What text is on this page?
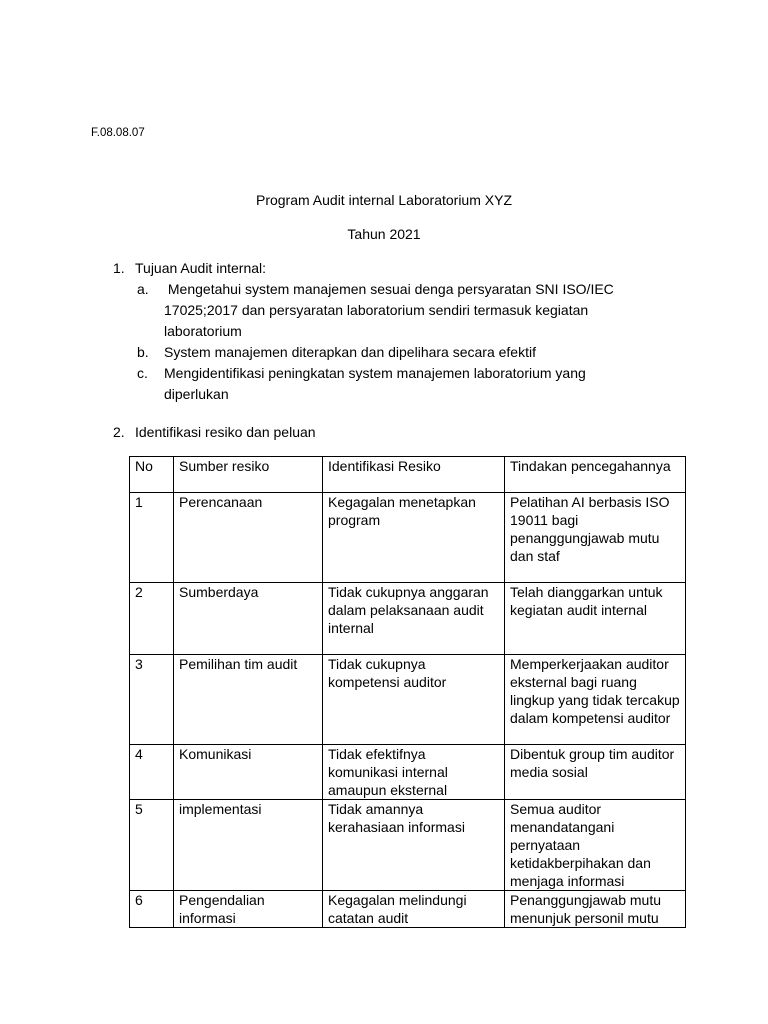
F.08.08.07
Program Audit internal Laboratorium XYZ
Tahun 2021
1. Tujuan Audit internal:
a. Mengetahui system manajemen sesuai denga persyaratan SNI ISO/IEC 17025;2017 dan persyaratan laboratorium sendiri termasuk kegiatan laboratorium
b. System manajemen diterapkan dan dipelihara secara efektif
c. Mengidentifikasi peningkatan system manajemen laboratorium yang diperlukan
2. Identifikasi resiko dan peluan
No	Sumber resiko	Identifikasi Resiko	Tindakan pencegahannya
1	Perencanaan	Kegagalan menetapkan program	Pelatihan AI berbasis ISO 19011 bagi penanggungjawab mutu dan staf
2	Sumberdaya	Tidak cukupnya anggaran dalam pelaksanaan audit internal	Telah dianggarkan untuk kegiatan audit internal
3	Pemilihan tim audit	Tidak cukupnya kompetensi auditor	Memperkerjaakan auditor eksternal bagi ruang lingkup yang tidak tercakup dalam kompetensi auditor
4	Komunikasi	Tidak efektifnya komunikasi internal amaupun eksternal	Dibentuk group tim auditor media sosial
5	implementasi	Tidak amannya kerahasiaan informasi	Semua auditor menandatangani pernyataan ketidakberpihakan dan menjaga informasi
6	Pengendalian informasi	Kegagalan melindungi catatan audit	Penanggungjawab mutu menunjuk personil mutu
